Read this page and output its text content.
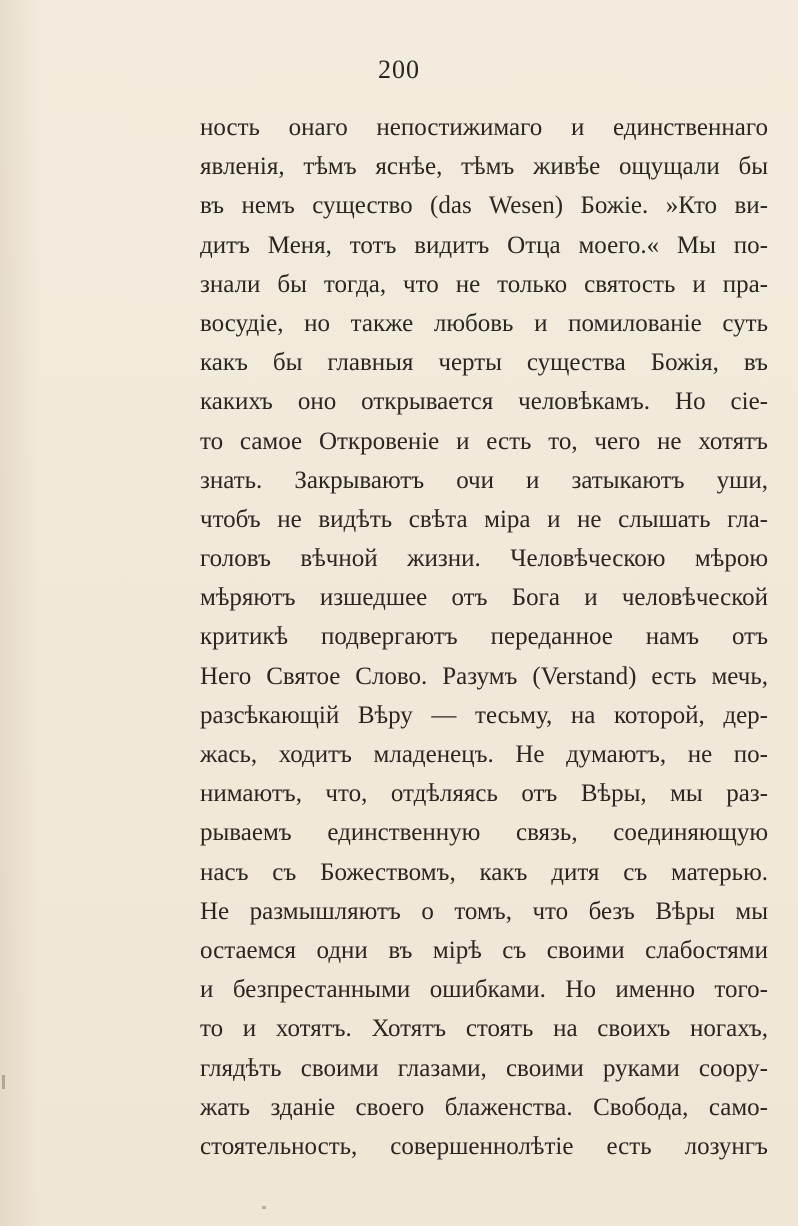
200
ность онаго непостижимаго и единственнаго
явленія, тѣмъ яснѣе, тѣмъ живѣе ощущали бы
въ немъ существо (das Wesen) Божіе. »Кто ви-
дитъ Меня, тотъ видитъ Отца моего.« Мы по-
знали бы тогда, что не только святость и пра-
восудіе, но также любовь и помилованіе суть
какъ бы главныя черты существа Божія, въ
какихъ оно открывается человѣкамъ. Но сіе-
то самое Откровеніе и есть то, чего не хотятъ
знать. Закрываютъ очи и затыкаютъ уши,
чтобъ не видѣть свѣта міра и не слышать гла-
головъ вѣчной жизни. Человѣческою мѣрою
мѣряютъ изшедшее отъ Бога и человѣческой
критикѣ подвергаютъ переданное намъ отъ
Него Святое Слово. Разумъ (Verstand) есть мечь,
разсѣкающій Вѣру — тесьму, на которой, дер-
жась, ходитъ младенецъ. Не думаютъ, не по-
нимаютъ, что, отдѣляясь отъ Вѣры, мы раз-
рываемъ единственную связь, соединяющую
насъ съ Божествомъ, какъ дитя съ матерью.
Не размышляютъ о томъ, что безъ Вѣры мы
остаемся одни въ мірѣ съ своими слабостями
и безпрестанными ошибками. Но именно того-
то и хотятъ. Хотятъ стоять на своихъ ногахъ,
глядѣть своими глазами, своими руками соору-
жать зданіе своего блаженства. Свобода, само-
стоятельность, совершеннолѣтіе есть лозунгъ
